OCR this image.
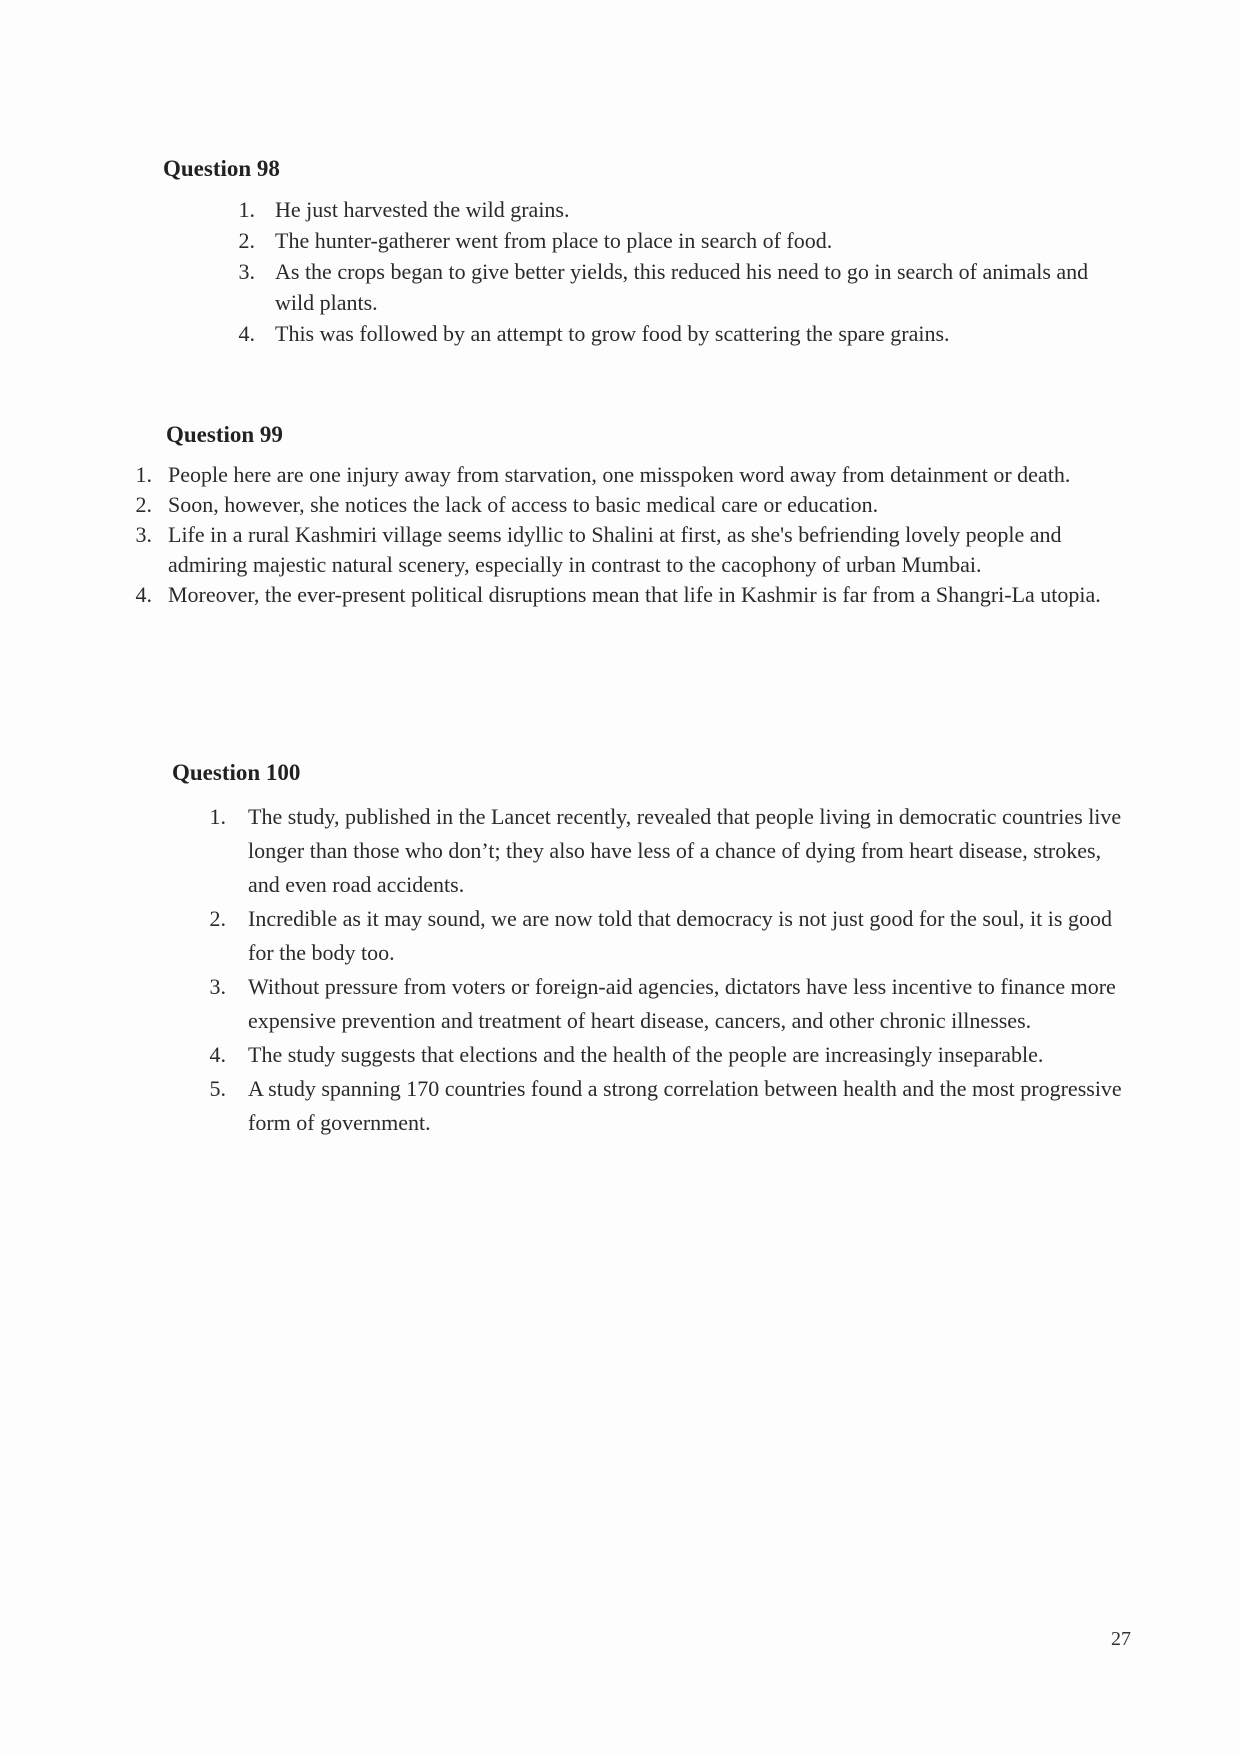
Question 98
1. He just harvested the wild grains.
2. The hunter-gatherer went from place to place in search of food.
3. As the crops began to give better yields, this reduced his need to go in search of animals and wild plants.
4. This was followed by an attempt to grow food by scattering the spare grains.
Question 99
1. People here are one injury away from starvation, one misspoken word away from detainment or death.
2. Soon, however, she notices the lack of access to basic medical care or education.
3. Life in a rural Kashmiri village seems idyllic to Shalini at first, as she's befriending lovely people and admiring majestic natural scenery, especially in contrast to the cacophony of urban Mumbai.
4. Moreover, the ever-present political disruptions mean that life in Kashmir is far from a Shangri-La utopia.
Question 100
1. The study, published in the Lancet recently, revealed that people living in democratic countries live longer than those who don’t; they also have less of a chance of dying from heart disease, strokes, and even road accidents.
2. Incredible as it may sound, we are now told that democracy is not just good for the soul, it is good for the body too.
3. Without pressure from voters or foreign-aid agencies, dictators have less incentive to finance more expensive prevention and treatment of heart disease, cancers, and other chronic illnesses.
4. The study suggests that elections and the health of the people are increasingly inseparable.
5. A study spanning 170 countries found a strong correlation between health and the most progressive form of government.
27
